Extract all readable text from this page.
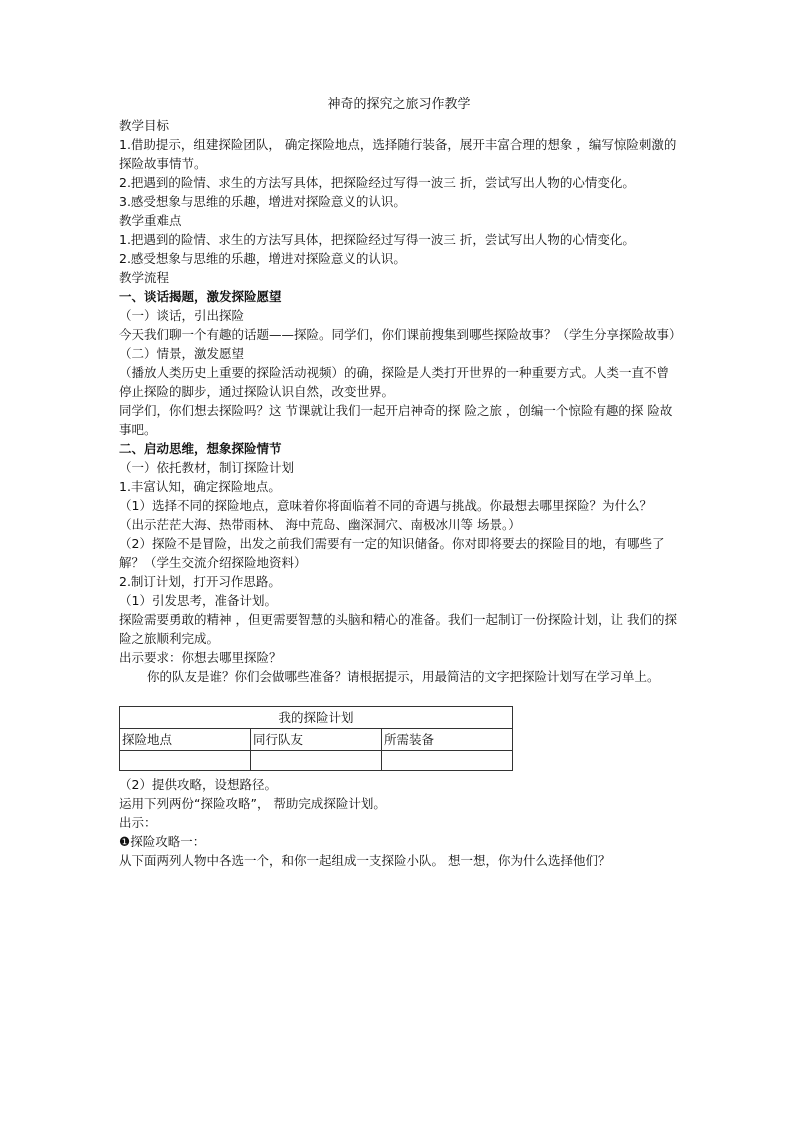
神奇的探究之旅习作教学

教学目标

1.借助提示，组建探险团队， 确定探险地点，选择随行装备，展开丰富合理的想象 ，编写惊险刺激的探险故事情节。

2.把遇到的险情、求生的方法写具体，把探险经过写得一波三 折，尝试写出人物的心情变化。

3.感受想象与思维的乐趣，增进对探险意义的认识。

教学重难点

1.把遇到的险情、求生的方法写具体，把探险经过写得一波三 折，尝试写出人物的心情变化。

2.感受想象与思维的乐趣，增进对探险意义的认识。

教学流程

一、谈话揭题，激发探险愿望

（一）谈话，引出探险

今天我们聊一个有趣的话题——探险。同学们，你们课前搜集到哪些探险故事？（学生分享探险故事）

（二）情景，激发愿望

（播放人类历史上重要的探险活动视频）的确，探险是人类打开世界的一种重要方式。人类一直不曾停止探险的脚步，通过探险认识自然，改变世界。

同学们，你们想去探险吗？这 节课就让我们一起开启神奇的探 险之旅 ，创编一个惊险有趣的探 险故事吧。

二、启动思维，想象探险情节

（一）依托教材，制订探险计划

1.丰富认知，确定探险地点。

（1）选择不同的探险地点，意味着你将面临着不同的奇遇与挑战。你最想去哪里探险？为什么？

（出示茫茫大海、热带雨林、 海中荒岛、幽深洞穴、南极冰川等 场景。）

（2）探险不是冒险，出发之前我们需要有一定的知识储备。你对即将要去的探险目的地，有哪些了解？（学生交流介绍探险地资料）

2.制订计划，打开习作思路。

（1）引发思考，准备计划。

探险需要勇敢的精神 ，但更需要智慧的头脑和精心的准备。我们一起制订一份探险计划，让 我们的探险之旅顺利完成。

出示要求：你想去哪里探险？

你的队友是谁？你们会做哪些准备？请根据提示，用最简洁的文字把探险计划写在学习单上。

我的探险计划		
探险地点	同行队友	所需装备

（2）提供攻略，设想路径。

运用下列两份“探险攻略”， 帮助完成探险计划。

出示：

❶探险攻略一：

从下面两列人物中各选一个，和你一起组成一支探险小队。 想一想，你为什么选择他们？
